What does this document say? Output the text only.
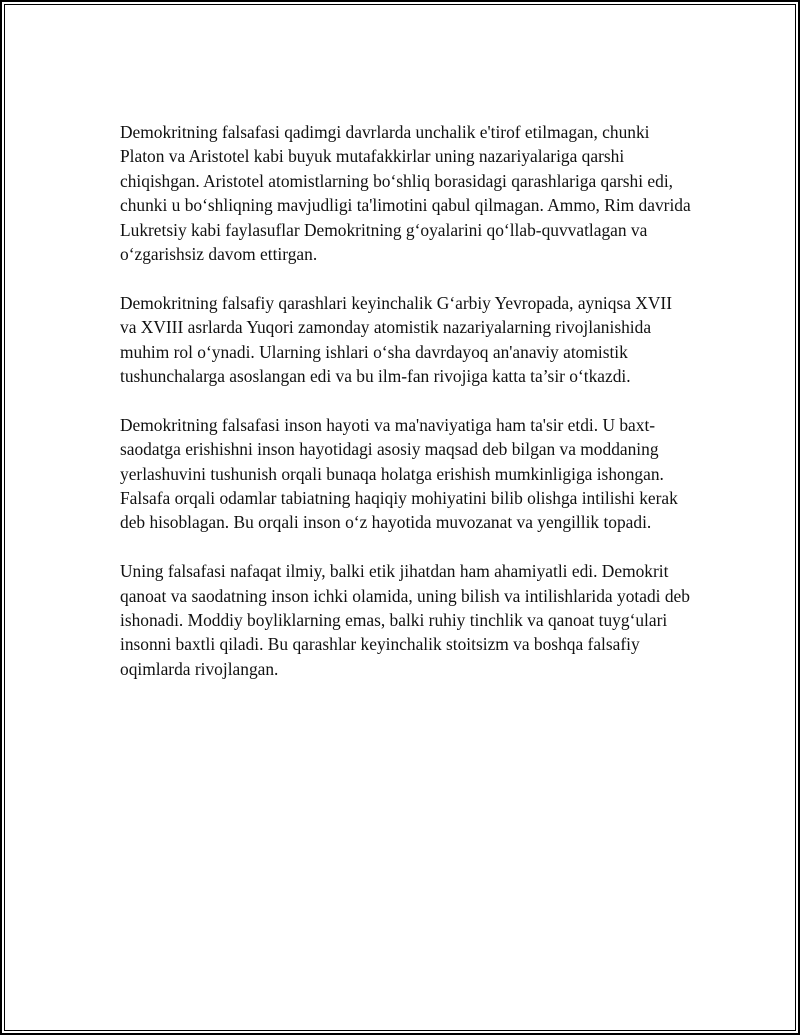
Demokritning falsafasi qadimgi davrlarda unchalik e'tirof etilmagan, chunki Platon va Aristotel kabi buyuk mutafakkirlar uning nazariyalariga qarshi chiqishgan. Aristotel atomistlarning bo‘shliq borasidagi qarashlariga qarshi edi, chunki u bo‘shliqning mavjudligi ta'limotini qabul qilmagan. Ammo, Rim davrida Lukretsiy kabi faylasuflar Demokritning g‘oyalarini qo‘llab-quvvatlagan va o‘zgarishsiz davom ettirgan.

Demokritning falsafiy qarashlari keyinchalik G‘arbiy Yevropada, ayniqsa XVII va XVIII asrlarda Yuqori zamonday atomistik nazariyalarning rivojlanishida muhim rol o‘ynadi. Ularning ishlari o‘sha davrdayoq an'anaviy atomistik tushunchalarga asoslangan edi va bu ilm-fan rivojiga katta ta’sir o‘tkazdi.

Demokritning falsafasi inson hayoti va ma'naviyatiga ham ta'sir etdi. U baxt-saodatga erishishni inson hayotidagi asosiy maqsad deb bilgan va moddaning yerlashuvini tushunish orqali bunaqa holatga erishish mumkinligiga ishongan. Falsafa orqali odamlar tabiatning haqiqiy mohiyatini bilib olishga intilishi kerak deb hisoblagan. Bu orqali inson o‘z hayotida muvozanat va yengillik topadi.

Uning falsafasi nafaqat ilmiy, balki etik jihatdan ham ahamiyatli edi. Demokrit qanoat va saodatning inson ichki olamida, uning bilish va intilishlarida yotadi deb ishonadi. Moddiy boyliklarning emas, balki ruhiy tinchlik va qanoat tuyg‘ulari insonni baxtli qiladi. Bu qarashlar keyinchalik stoitsizm va boshqa falsafiy oqimlarda rivojlangan.
